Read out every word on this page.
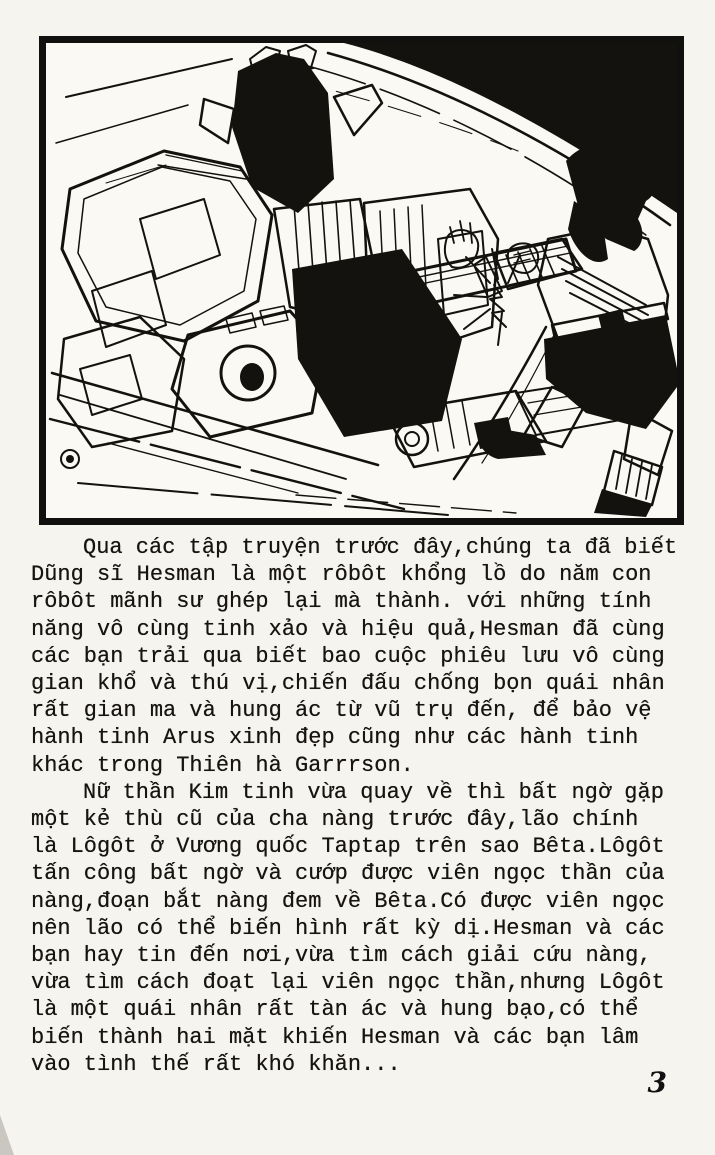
Qua các tập truyện trước đây,chúng ta đã biết
Dũng sĩ Hesman là một rôbôt khổng lồ do năm con
rôbôt mãnh sư ghép lại mà thành. với những tính
năng vô cùng tinh xảo và hiệu quả,Hesman đã cùng
các bạn trải qua biết bao cuộc phiêu lưu vô cùng
gian khổ và thú vị,chiến đấu chống bọn quái nhân
rất gian ma và hung ác từ vũ trụ đến, để bảo vệ
hành tinh Arus xinh đẹp cũng như các hành tinh
khác trong Thiên hà Garrrson.

Nữ thần Kim tinh vừa quay về thì bất ngờ gặp
một kẻ thù cũ của cha nàng trước đây,lão chính
là Lôgôt ở Vương quốc Taptap trên sao Bêta.Lôgôt
tấn công bất ngờ và cướp được viên ngọc thần của
nàng,đoạn bắt nàng đem về Bêta.Có được viên ngọc
nên lão có thể biến hình rất kỳ dị.Hesman và các
bạn hay tin đến nơi,vừa tìm cách giải cứu nàng,
vừa tìm cách đoạt lại viên ngọc thần,nhưng Lôgôt
là một quái nhân rất tàn ác và hung bạo,có thể
biến thành hai mặt khiến Hesman và các bạn lâm
vào tình thế rất khó khăn...

3
